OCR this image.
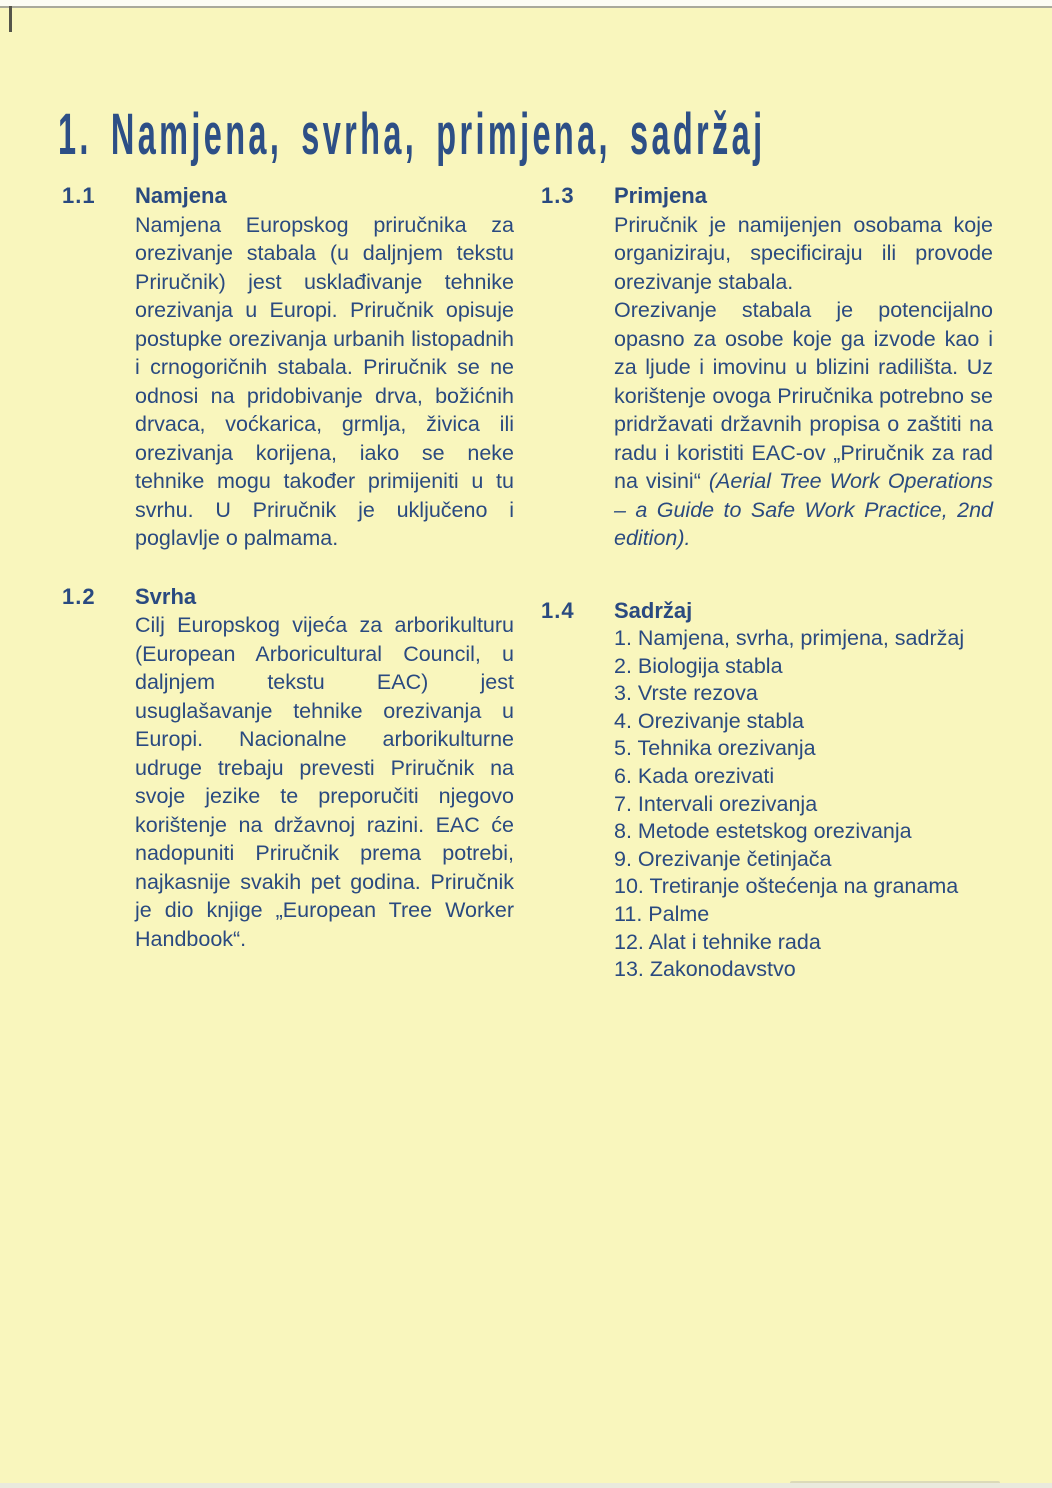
1. Namjena, svrha, primjena, sadržaj
1.1	Namjena

Namjena Europskog priručnika za orezivanje stabala (u daljnjem tekstu Priručnik) jest usklađivanje tehnike orezivanja u Europi. Priručnik opisuje postupke orezivanja urbanih listopadnih i crnogoričnih stabala. Priručnik se ne odnosi na pridobivanje drva, božićnih drvaca, voćkarica, grmlja, živica ili orezivanja korijena, iako se neke tehnike mogu također primijeniti u tu svrhu. U Priručnik je uključeno i poglavlje o palmama.

1.2	Svrha

Cilj Europskog vijeća za arborikulturu (European Arboricultural Council, u daljnjem tekstu EAC) jest usuglašavanje tehnike orezivanja u Europi. Nacionalne arborikulturne udruge trebaju prevesti Priručnik na svoje jezike te preporučiti njegovo korištenje na državnoj razini. EAC će nadopuniti Priručnik prema potrebi, najkasnije svakih pet godina. Priručnik je dio knjige „European Tree Worker Handbook“.

1.3	Primjena

Priručnik je namijenjen osobama koje organiziraju, specificiraju ili provode orezivanje stabala.

Orezivanje stabala je potencijalno opasno za osobe koje ga izvode kao i za ljude i imovinu u blizini radilišta. Uz korištenje ovoga Priručnika potrebno se pridržavati državnih propisa o zaštiti na radu i koristiti EAC-ov „Priručnik za rad na visini“ (Aerial Tree Work Operations – a Guide to Safe Work Practice, 2nd edition).

1.4	Sadržaj
1. Namjena, svrha, primjena, sadržaj
2. Biologija stabla
3. Vrste rezova
4. Orezivanje stabla
5. Tehnika orezivanja
6. Kada orezivati
7. Intervali orezivanja
8. Metode estetskog orezivanja
9. Orezivanje četinjača
10. Tretiranje oštećenja na granama
11. Palme
12. Alat i tehnike rada
13. Zakonodavstvo
